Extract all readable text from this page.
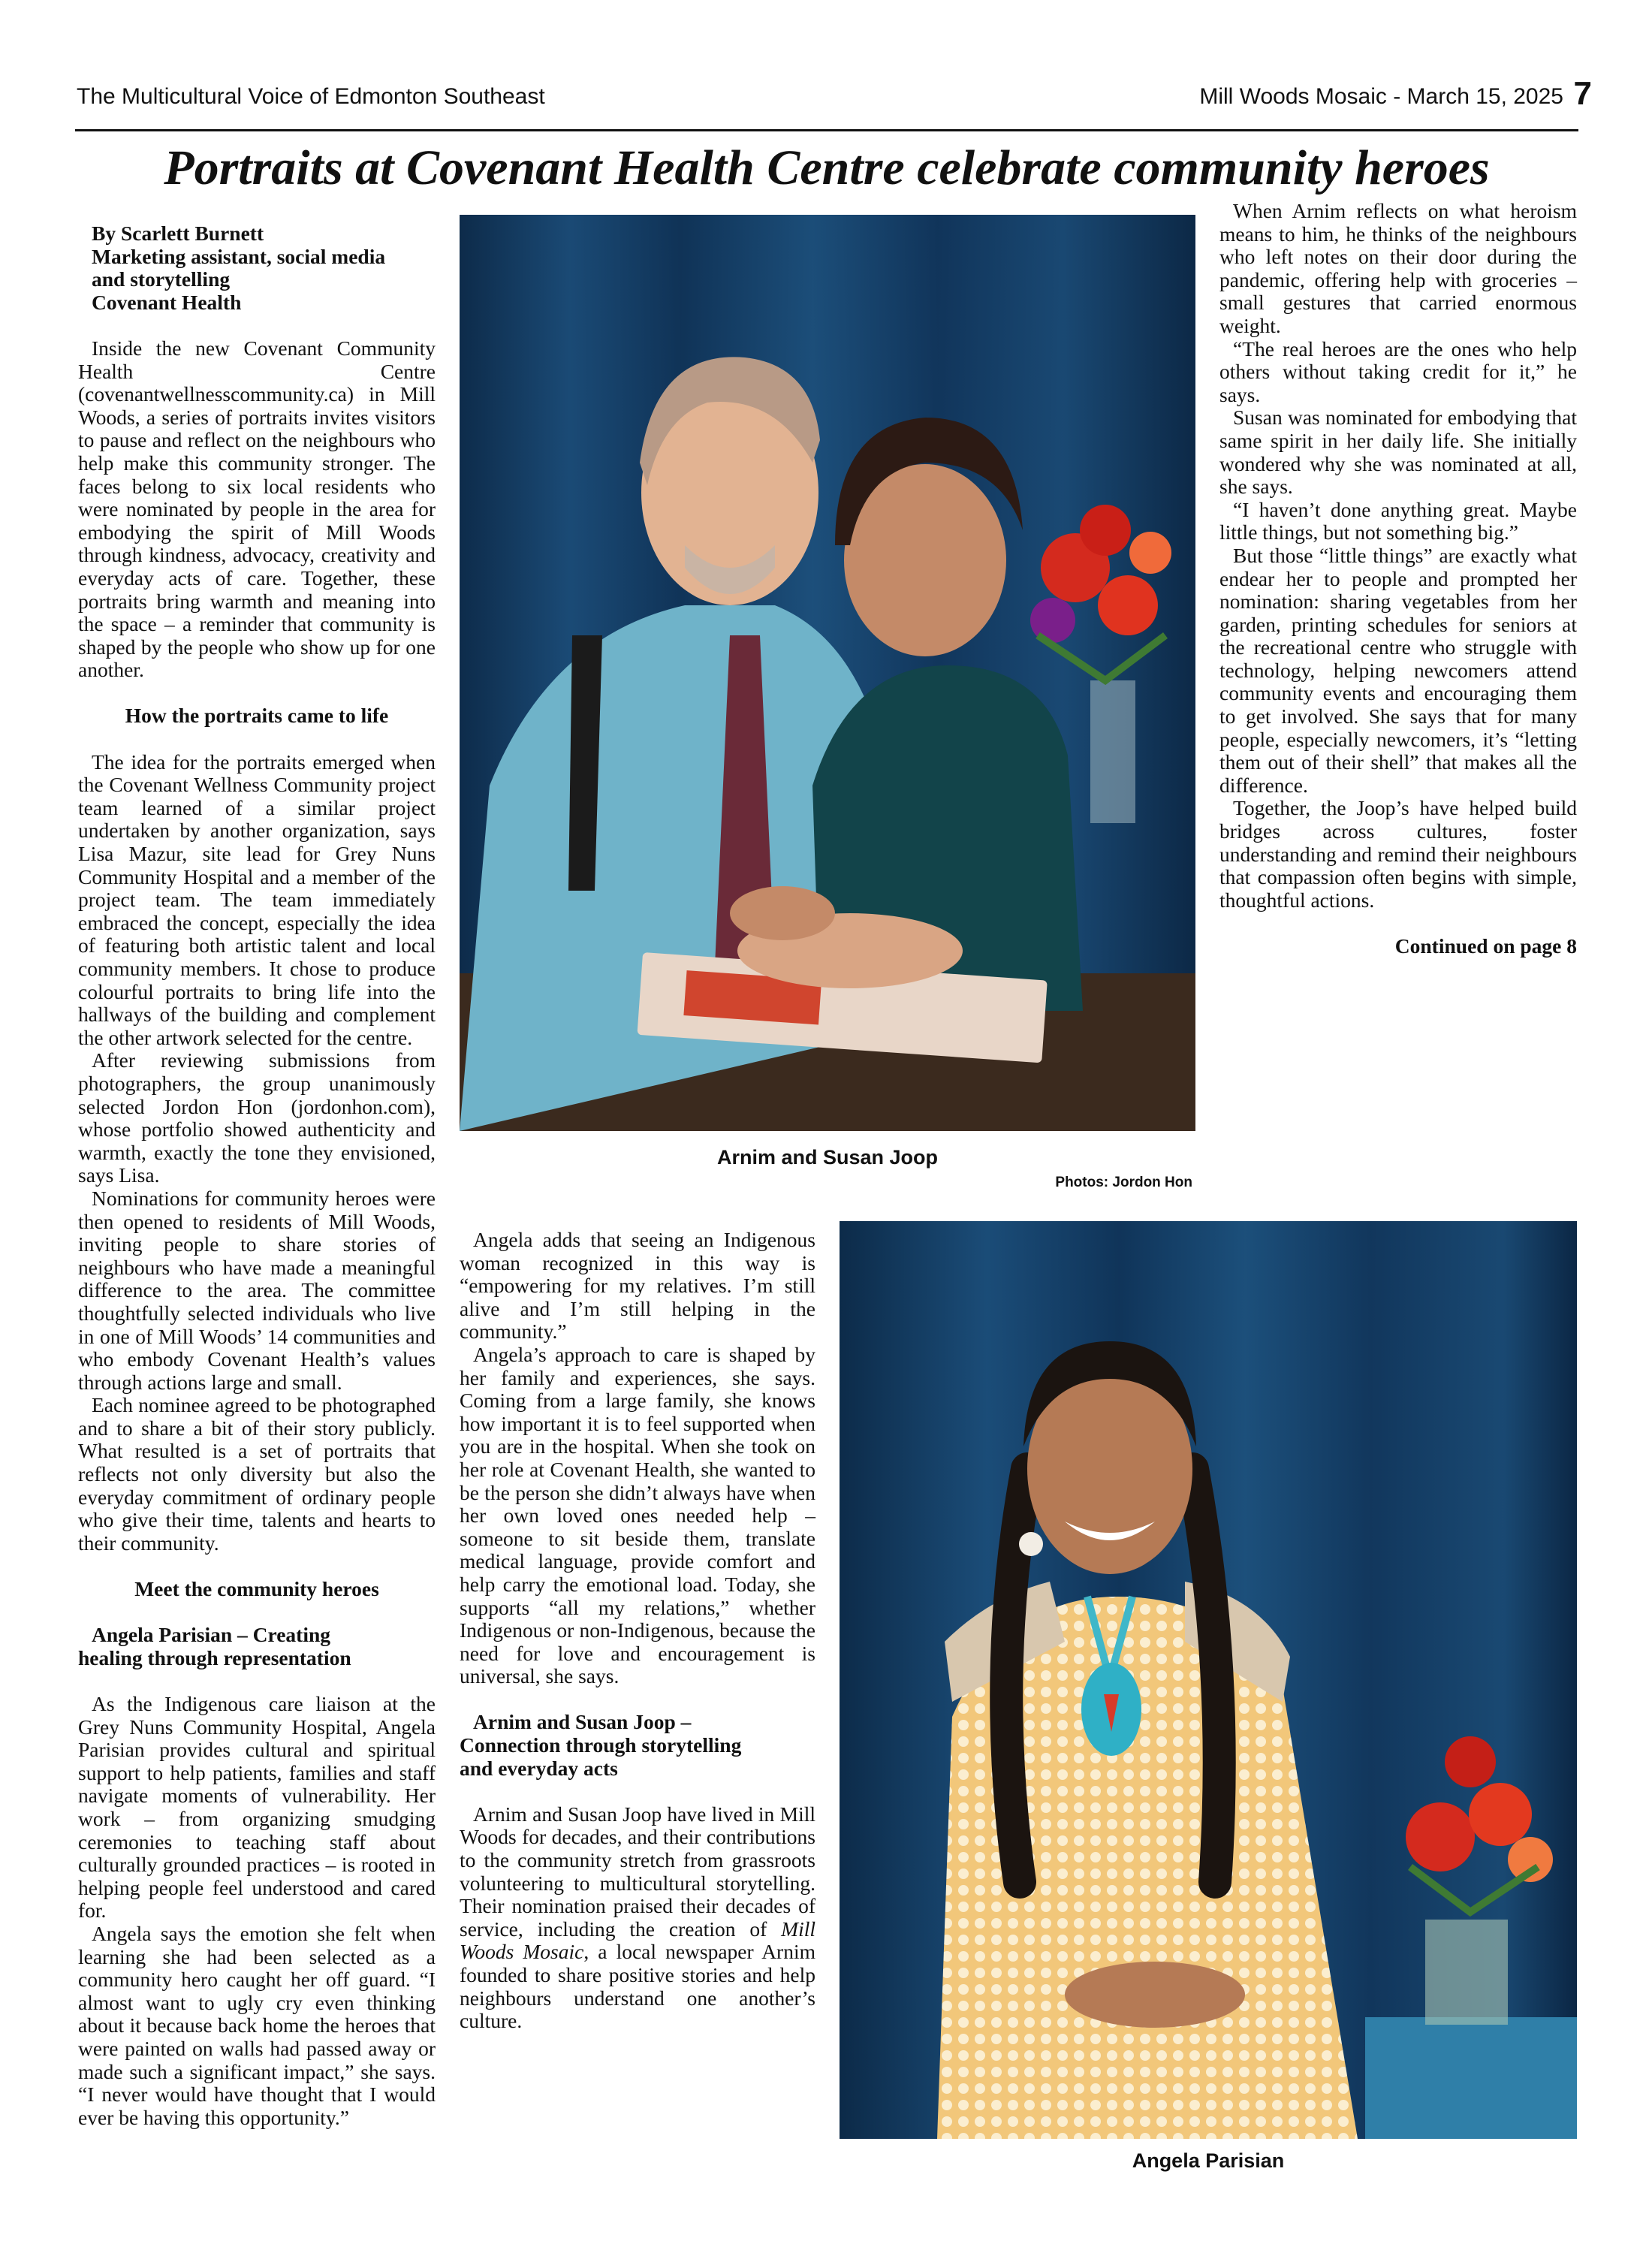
The Multicultural Voice of Edmonton Southeast	Mill Woods Mosaic - March 15, 2025 7
Portraits at Covenant Health Centre celebrate community heroes

By Scarlett Burnett

Marketing assistant, social media

and storytelling

Covenant Health

Inside the new Covenant Community Health Centre (covenantwellnesscommunity.ca) in Mill Woods, a series of portraits invites visitors to pause and reflect on the neighbours who help make this community stronger. The faces belong to six local residents who were nominated by people in the area for embodying the spirit of Mill Woods through kindness, advocacy, creativity and everyday acts of care. Together, these portraits bring warmth and meaning into the space – a reminder that community is shaped by the people who show up for one another.

How the portraits came to life

The idea for the portraits emerged when the Covenant Wellness Community project team learned of a similar project undertaken by another organization, says Lisa Mazur, site lead for Grey Nuns Community Hospital and a member of the project team. The team immediately embraced the concept, especially the idea of featuring both artistic talent and local community members. It chose to produce colourful portraits to bring life into the hallways of the building and complement the other artwork selected for the centre.

After reviewing submissions from photographers, the group unanimously selected Jordon Hon (jordonhon.com), whose portfolio showed authenticity and warmth, exactly the tone they envisioned, says Lisa.

Nominations for community heroes were then opened to residents of Mill Woods, inviting people to share stories of neighbours who have made a meaningful difference to the area. The committee thoughtfully selected individuals who live in one of Mill Woods’ 14 communities and who embody Covenant Health’s values through actions large and small.

Each nominee agreed to be photographed and to share a bit of their story publicly. What resulted is a set of portraits that reflects not only diversity but also the everyday commitment of ordinary people who give their time, talents and hearts to their community.

Meet the community heroes

Angela Parisian – Creating

healing through representation

As the Indigenous care liaison at the Grey Nuns Community Hospital, Angela Parisian provides cultural and spiritual support to help patients, families and staff navigate moments of vulnerability. Her work – from organizing smudging ceremonies to teaching staff about culturally grounded practices – is rooted in helping people feel understood and cared for.

Angela says the emotion she felt when learning she had been selected as a community hero caught her off guard. “I almost want to ugly cry even thinking about it because back home the heroes that were painted on walls had passed away or made such a significant impact,” she says. “I never would have thought that I would ever be having this opportunity.”

Angela adds that seeing an Indigenous woman recognized in this way is “empowering for my relatives. I’m still alive and I’m still helping in the community.”

Angela’s approach to care is shaped by her family and experiences, she says. Coming from a large family, she knows how important it is to feel supported when you are in the hospital. When she took on her role at Covenant Health, she wanted to be the person she didn’t always have when her own loved ones needed help – someone to sit beside them, translate medical language, provide comfort and help carry the emotional load. Today, she supports “all my relations,” whether Indigenous or non-Indigenous, because the need for love and encouragement is universal, she says.

Arnim and Susan Joop –

Connection through storytelling

and everyday acts

Arnim and Susan Joop have lived in Mill Woods for decades, and their contributions to the community stretch from grassroots volunteering to multicultural storytelling. Their nomination praised their decades of service, including the creation of Mill Woods Mosaic, a local newspaper Arnim founded to share positive stories and help neighbours understand one another’s culture.

When Arnim reflects on what heroism means to him, he thinks of the neighbours who left notes on their door during the pandemic, offering help with groceries – small gestures that carried enormous weight.

“The real heroes are the ones who help others without taking credit for it,” he says.

Susan was nominated for embodying that same spirit in her daily life. She initially wondered why she was nominated at all, she says.

“I haven’t done anything great. Maybe little things, but not something big.”

But those “little things” are exactly what endear her to people and prompted her nomination: sharing vegetables from her garden, printing schedules for seniors at the recreational centre who struggle with technology, helping newcomers attend community events and encouraging them to get involved. She says that for many people, especially newcomers, it’s “letting them out of their shell” that makes all the difference.

Together, the Joop’s have helped build bridges across cultures, foster understanding and remind their neighbours that compassion often begins with simple, thoughtful actions.

Continued on page 8

Arnim and Susan Joop
Photos: Jordon Hon
Angela Parisian
